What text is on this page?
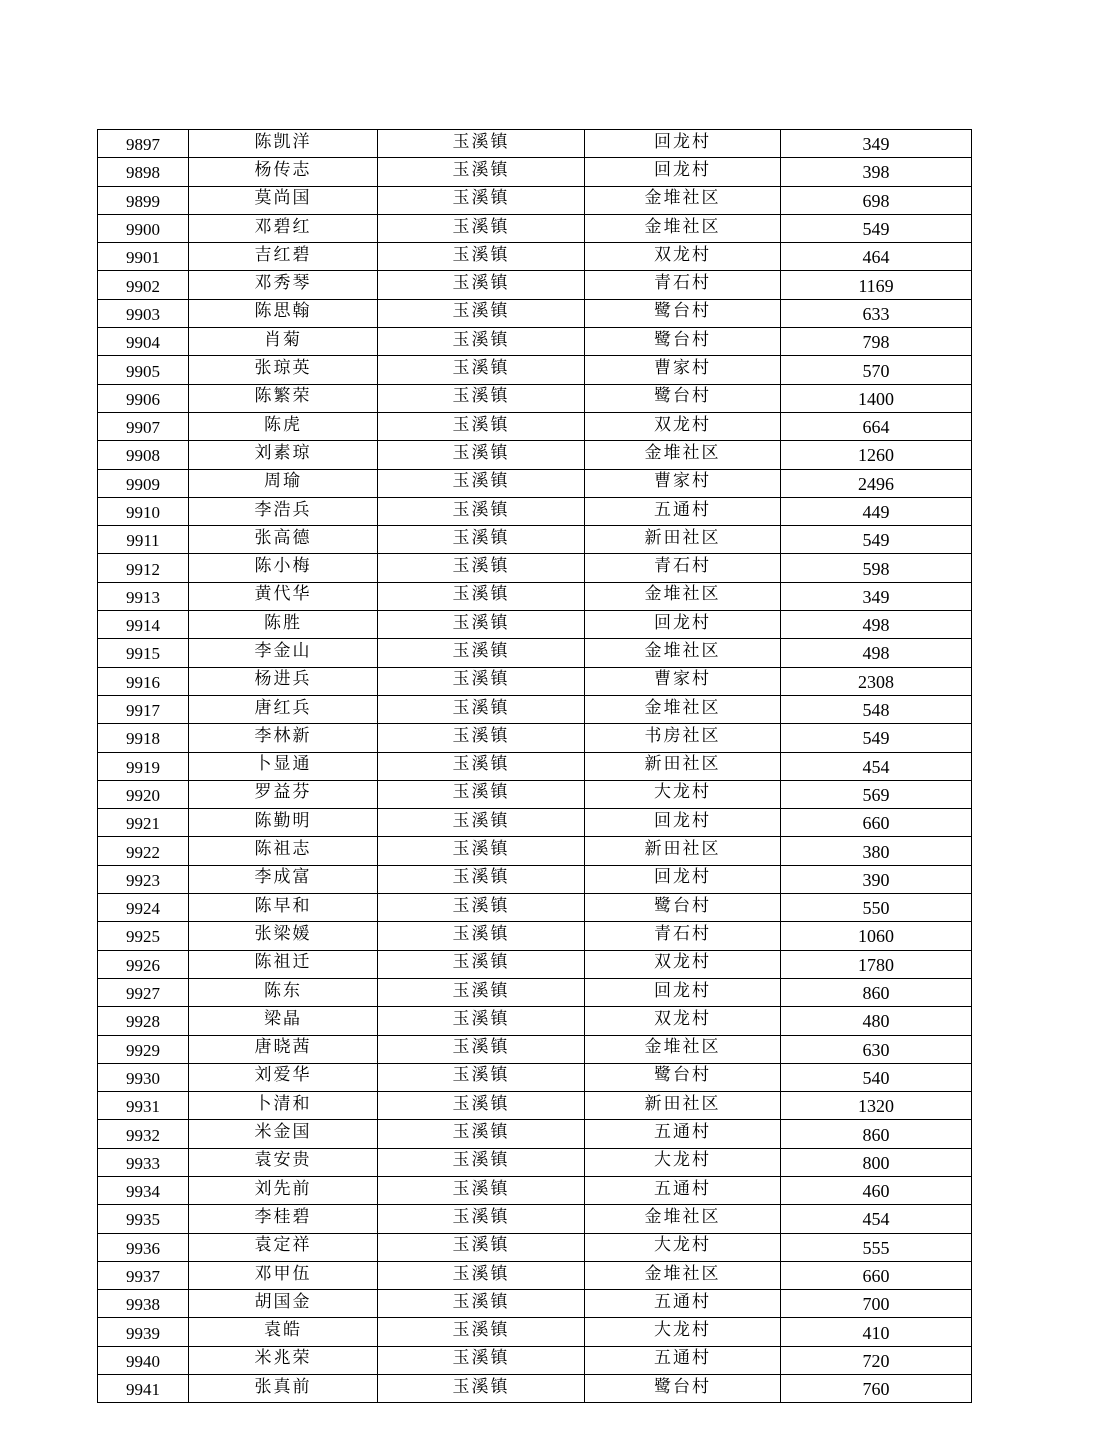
9897	陈凯洋	玉溪镇	回龙村	349
9898	杨传志	玉溪镇	回龙村	398
9899	莫尚国	玉溪镇	金堆社区	698
9900	邓碧红	玉溪镇	金堆社区	549
9901	吉红碧	玉溪镇	双龙村	464
9902	邓秀琴	玉溪镇	青石村	1169
9903	陈思翰	玉溪镇	鹭台村	633
9904	肖菊	玉溪镇	鹭台村	798
9905	张琼英	玉溪镇	曹家村	570
9906	陈繁荣	玉溪镇	鹭台村	1400
9907	陈虎	玉溪镇	双龙村	664
9908	刘素琼	玉溪镇	金堆社区	1260
9909	周瑜	玉溪镇	曹家村	2496
9910	李浩兵	玉溪镇	五通村	449
9911	张高德	玉溪镇	新田社区	549
9912	陈小梅	玉溪镇	青石村	598
9913	黄代华	玉溪镇	金堆社区	349
9914	陈胜	玉溪镇	回龙村	498
9915	李金山	玉溪镇	金堆社区	498
9916	杨进兵	玉溪镇	曹家村	2308
9917	唐红兵	玉溪镇	金堆社区	548
9918	李林新	玉溪镇	书房社区	549
9919	卜显通	玉溪镇	新田社区	454
9920	罗益芬	玉溪镇	大龙村	569
9921	陈勤明	玉溪镇	回龙村	660
9922	陈祖志	玉溪镇	新田社区	380
9923	李成富	玉溪镇	回龙村	390
9924	陈早和	玉溪镇	鹭台村	550
9925	张梁媛	玉溪镇	青石村	1060
9926	陈祖迁	玉溪镇	双龙村	1780
9927	陈东	玉溪镇	回龙村	860
9928	梁晶	玉溪镇	双龙村	480
9929	唐晓茜	玉溪镇	金堆社区	630
9930	刘爱华	玉溪镇	鹭台村	540
9931	卜清和	玉溪镇	新田社区	1320
9932	米金国	玉溪镇	五通村	860
9933	袁安贵	玉溪镇	大龙村	800
9934	刘先前	玉溪镇	五通村	460
9935	李桂碧	玉溪镇	金堆社区	454
9936	袁定祥	玉溪镇	大龙村	555
9937	邓甲伍	玉溪镇	金堆社区	660
9938	胡国金	玉溪镇	五通村	700
9939	袁皓	玉溪镇	大龙村	410
9940	米兆荣	玉溪镇	五通村	720
9941	张真前	玉溪镇	鹭台村	760
